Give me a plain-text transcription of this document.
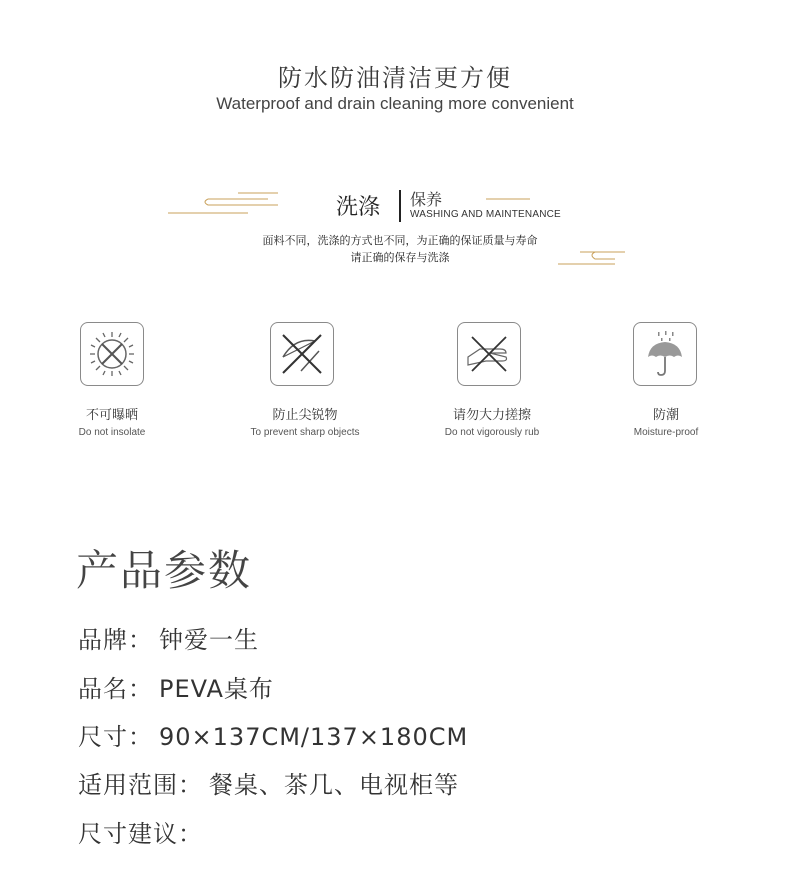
防水防油清洁更方便
Waterproof and drain cleaning more convenient
洗涤 保养
WASHING AND MAINTENANCE
面料不同，洗涤的方式也不同，为正确的保证质量与寿命
请正确的保存与洗涤
不可曝晒
Do not insolate
防止尖锐物
To prevent sharp objects
请勿大力搓擦
Do not vigorously rub
防潮
Moisture-proof
产品参数
品牌： 钟爱一生
品名： PEVA桌布
尺寸： 90×137CM/137×180CM
适用范围： 餐桌、茶几、电视柜等
尺寸建议：
